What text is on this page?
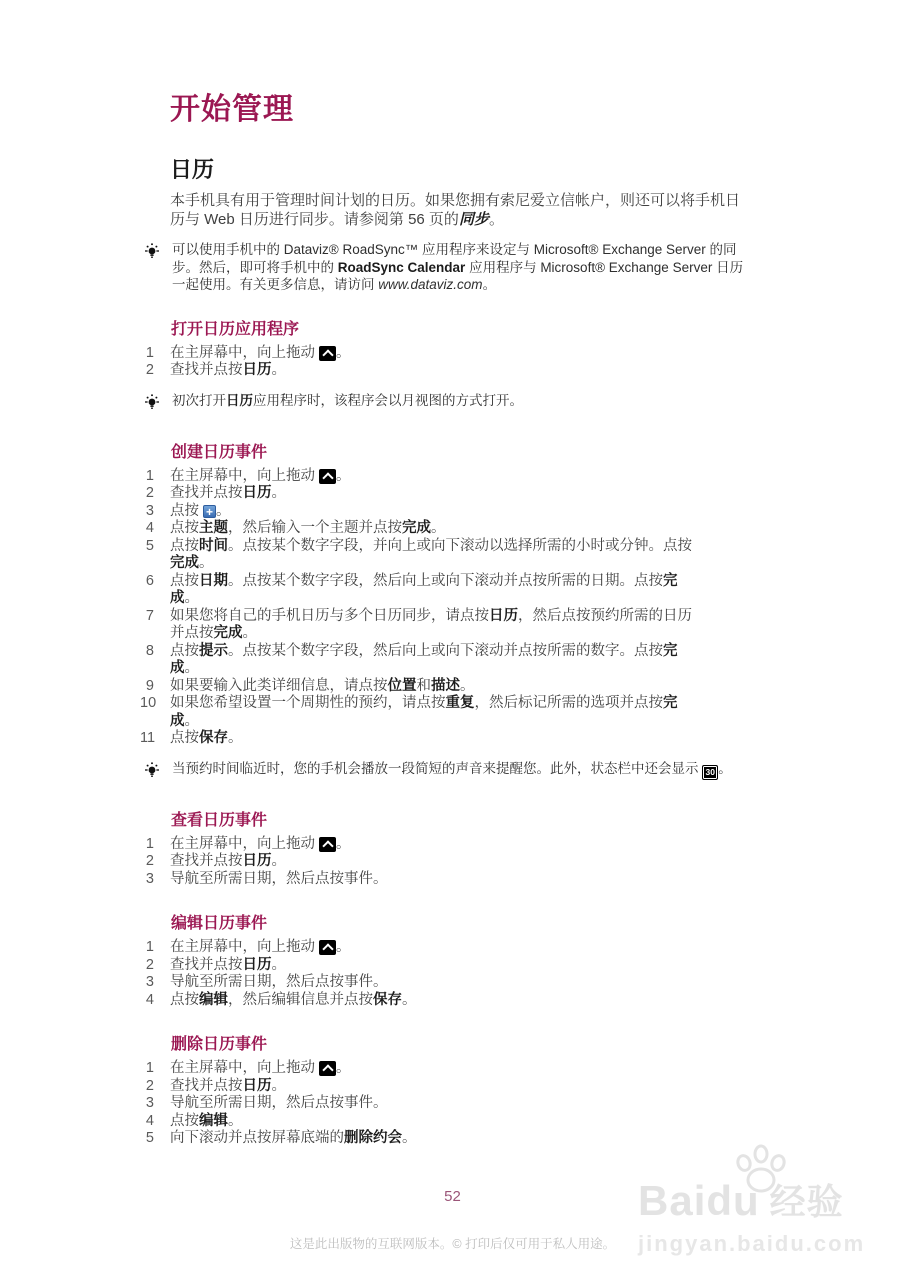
开始管理
日历

本手机具有用于管理时间计划的日历。如果您拥有索尼爱立信帐户，则还可以将手机日历与 Web 日历进行同步。请参阅第 56 页的同步。

可以使用手机中的 Dataviz® RoadSync™ 应用程序来设定与 Microsoft® Exchange Server 的同步。然后，即可将手机中的 RoadSync Calendar 应用程序与 Microsoft® Exchange Server 日历一起使用。有关更多信息，请访问 www.dataviz.com。
打开日历应用程序
1 在主屏幕中，向上拖动 。
2 查找并点按日历。
初次打开日历应用程序时，该程序会以月视图的方式打开。
创建日历事件
1 在主屏幕中，向上拖动 。
2 查找并点按日历。
3 点按 +。
4 点按主题，然后输入一个主题并点按完成。
5 点按时间。点按某个数字字段，并向上或向下滚动以选择所需的小时或分钟。点按完成。
6 点按日期。点按某个数字字段，然后向上或向下滚动并点按所需的日期。点按完成。
7 如果您将自己的手机日历与多个日历同步，请点按日历，然后点按预约所需的日历并点按完成。
8 点按提示。点按某个数字字段，然后向上或向下滚动并点按所需的数字。点按完成。
9 如果要输入此类详细信息，请点按位置和描述。
10 如果您希望设置一个周期性的预约，请点按重复，然后标记所需的选项并点按完成。
11 点按保存。
当预约时间临近时，您的手机会播放一段简短的声音来提醒您。此外，状态栏中还会显示 30 。
查看日历事件
1 在主屏幕中，向上拖动 。
2 查找并点按日历。
3 导航至所需日期，然后点按事件。
编辑日历事件
1 在主屏幕中，向上拖动 。
2 查找并点按日历。
3 导航至所需日期，然后点按事件。
4 点按编辑，然后编辑信息并点按保存。
删除日历事件
1 在主屏幕中，向上拖动 。
2 查找并点按日历。
3 导航至所需日期，然后点按事件。
4 点按编辑。
5 向下滚动并点按屏幕底端的删除约会。
52
这是此出版物的互联网版本。© 打印后仅可用于私人用途。
Baidu 经验
jingyan.baidu.com
